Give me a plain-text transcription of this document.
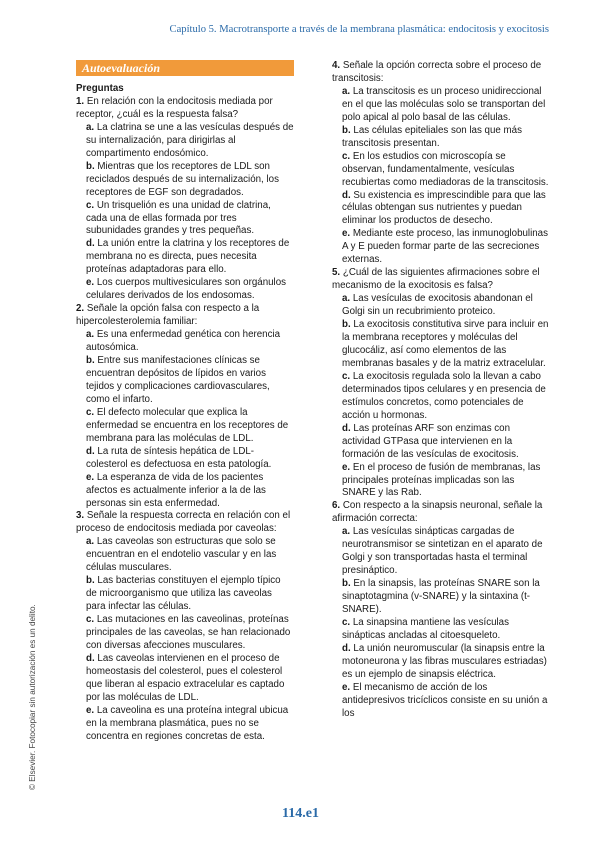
Capítulo 5. Macrotransporte a través de la membrana plasmática: endocitosis y exocitosis
Autoevaluación
Preguntas
1. En relación con la endocitosis mediada por receptor, ¿cuál es la respuesta falsa?
a. La clatrina se une a las vesículas después de su internalización, para dirigirlas al compartimento endosómico.
b. Mientras que los receptores de LDL son reciclados después de su internalización, los receptores de EGF son degradados.
c. Un trisquelión es una unidad de clatrina, cada una de ellas formada por tres subunidades grandes y tres pequeñas.
d. La unión entre la clatrina y los receptores de membrana no es directa, pues necesita proteínas adaptadoras para ello.
e. Los cuerpos multivesiculares son orgánulos celulares derivados de los endosomas.
2. Señale la opción falsa con respecto a la hipercolesterolemia familiar:
a. Es una enfermedad genética con herencia autosómica.
b. Entre sus manifestaciones clínicas se encuentran depósitos de lípidos en varios tejidos y complicaciones cardiovasculares, como el infarto.
c. El defecto molecular que explica la enfermedad se encuentra en los receptores de membrana para las moléculas de LDL.
d. La ruta de síntesis hepática de LDL-colesterol es defectuosa en esta patología.
e. La esperanza de vida de los pacientes afectos es actualmente inferior a la de las personas sin esta enfermedad.
3. Señale la respuesta correcta en relación con el proceso de endocitosis mediada por caveolas:
a. Las caveolas son estructuras que solo se encuentran en el endotelio vascular y en las células musculares.
b. Las bacterias constituyen el ejemplo típico de microorganismo que utiliza las caveolas para infectar las células.
c. Las mutaciones en las caveolinas, proteínas principales de las caveolas, se han relacionado con diversas afecciones musculares.
d. Las caveolas intervienen en el proceso de homeostasis del colesterol, pues el colesterol que liberan al espacio extracelular es captado por las moléculas de LDL.
e. La caveolina es una proteína integral ubicua en la membrana plasmática, pues no se concentra en regiones concretas de esta.
4. Señale la opción correcta sobre el proceso de transcitosis:
a. La transcitosis es un proceso unidireccional en el que las moléculas solo se transportan del polo apical al polo basal de las células.
b. Las células epiteliales son las que más transcitosis presentan.
c. En los estudios con microscopía se observan, fundamentalmente, vesículas recubiertas como mediadoras de la transcitosis.
d. Su existencia es imprescindible para que las células obtengan sus nutrientes y puedan eliminar los productos de desecho.
e. Mediante este proceso, las inmunoglobulinas A y E pueden formar parte de las secreciones externas.
5. ¿Cuál de las siguientes afirmaciones sobre el mecanismo de la exocitosis es falsa?
a. Las vesículas de exocitosis abandonan el Golgi sin un recubrimiento proteico.
b. La exocitosis constitutiva sirve para incluir en la membrana receptores y moléculas del glucocáliz, así como elementos de las membranas basales y de la matriz extracelular.
c. La exocitosis regulada solo la llevan a cabo determinados tipos celulares y en presencia de estímulos concretos, como potenciales de acción u hormonas.
d. Las proteínas ARF son enzimas con actividad GTPasa que intervienen en la formación de las vesículas de exocitosis.
e. En el proceso de fusión de membranas, las principales proteínas implicadas son las SNARE y las Rab.
6. Con respecto a la sinapsis neuronal, señale la afirmación correcta:
a. Las vesículas sinápticas cargadas de neurotransmisor se sintetizan en el aparato de Golgi y son transportadas hasta el terminal presináptico.
b. En la sinapsis, las proteínas SNARE son la sinaptotagmina (v-SNARE) y la sintaxina (t-SNARE).
c. La sinapsina mantiene las vesículas sinápticas ancladas al citoesqueleto.
d. La unión neuromuscular (la sinapsis entre la motoneurona y las fibras musculares estriadas) es un ejemplo de sinapsis eléctrica.
e. El mecanismo de acción de los antidepresivos tricíclicos consiste en su unión a los
© Elsevier. Fotocopiar sin autorización es un delito.
114.e1
